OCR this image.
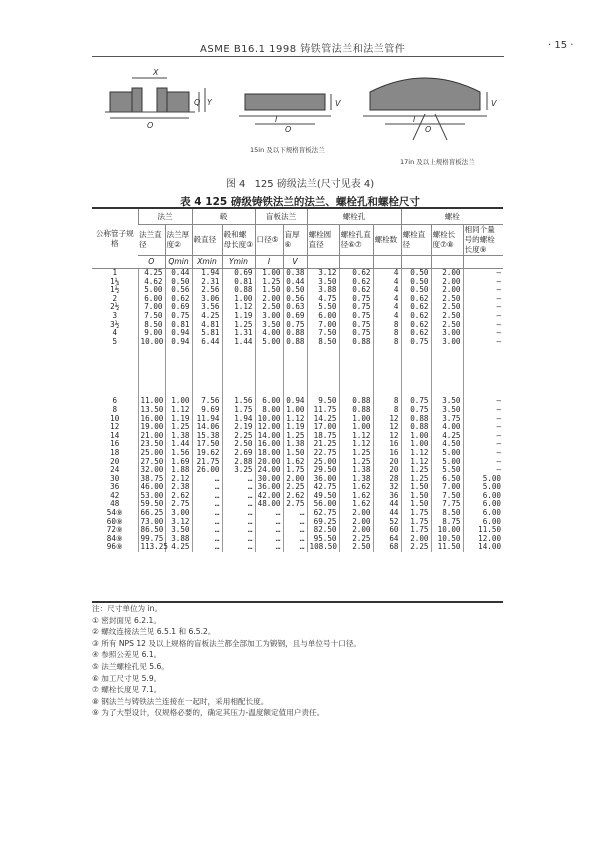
ASME B16.1 1998 铸铁管法兰和法兰管件	· 15 ·
X
Y
Q
O	O
I
V
O
I
V
15in 及以下规格盲板法兰
17in 及以上规格盲板法兰
图 4 125 磅级法兰(尺寸见表 4)
表 4 125 磅级铸铁法兰的法兰、螺栓孔和螺栓尺寸
公称管子规格	法兰		毂		盲板法兰		螺栓孔			螺栓		
	法兰直径	法兰厚度②	毂直径	毂和螺母长度③	口径⑤	盲厚⑥	螺栓圆直径	螺栓孔直径⑥⑦	螺栓数	螺栓直径	螺栓长度⑦⑧	相同个量号的螺栓长度⑨
	O	Qmin	Xmin	Ymin	I	V						
1	4.25	0.44	1.94	0.69	1.00	0.38	3.12	0.62	4	0.50	2.00	—
1¼	4.62	0.50	2.31	0.81	1.25	0.44	3.50	0.62	4	0.50	2.00	—
1½	5.00	0.56	2.56	0.88	1.50	0.50	3.88	0.62	4	0.50	2.00	—
2	6.00	0.62	3.06	1.00	2.00	0.56	4.75	0.75	4	0.62	2.50	—
2½	7.00	0.69	3.56	1.12	2.50	0.63	5.50	0.75	4	0.62	2.50	—
3	7.50	0.75	4.25	1.19	3.00	0.69	6.00	0.75	4	0.62	2.50	—
3½	8.50	0.81	4.81	1.25	3.50	0.75	7.00	0.75	8	0.62	2.50	—
4	9.00	0.94	5.81	1.31	4.00	0.88	7.50	0.75	8	0.62	3.00	—
5	10.00	0.94	6.44	1.44	5.00	0.88	8.50	0.88	8	0.75	3.00	—

6	11.00	1.00	7.56	1.56	6.00	0.94	9.50	0.88	8	0.75	3.50	—
8	13.50	1.12	9.69	1.75	8.00	1.00	11.75	0.88	8	0.75	3.50	—
10	16.00	1.19	11.94	1.94	10.00	1.12	14.25	1.00	12	0.88	3.75	—
12	19.00	1.25	14.06	2.19	12.00	1.19	17.00	1.00	12	0.88	4.00	—
14	21.00	1.38	15.38	2.25	14.00	1.25	18.75	1.12	12	1.00	4.25	—
16	23.50	1.44	17.50	2.50	16.00	1.38	21.25	1.12	16	1.00	4.50	—
18	25.00	1.56	19.62	2.69	18.00	1.50	22.75	1.25	16	1.12	5.00	—
20	27.50	1.69	21.75	2.88	20.00	1.62	25.00	1.25	20	1.12	5.00	—
24	32.00	1.88	26.00	3.25	24.00	1.75	29.50	1.38	20	1.25	5.50	—
30	38.75	2.12	…	…	30.00	2.00	36.00	1.38	28	1.25	6.50	5.00
36	46.00	2.38	…	…	36.00	2.25	42.75	1.62	32	1.50	7.00	5.00
42	53.00	2.62	…	…	42.00	2.62	49.50	1.62	36	1.50	7.50	6.00
48	59.50	2.75	…	…	48.00	2.75	56.00	1.62	44	1.50	7.75	6.00
54⑨	66.25	3.00	…	…	…	…	62.75	2.00	44	1.75	8.50	6.00
60⑨	73.00	3.12	…	…	…	…	69.25	2.00	52	1.75	8.75	6.00
72⑨	86.50	3.50	…	…	…	…	82.50	2.00	60	1.75	10.00	11.50
84⑨	99.75	3.88	…	…	…	…	95.50	2.25	64	2.00	10.50	12.00
96⑨	113.25	4.25	…	…	…	…	108.50	2.50	68	2.25	11.50	14.00
注：尺寸单位为 in。
① 密封面见 6.2.1。
② 螺纹连接法兰见 6.5.1 和 6.5.2。
③ 所有 NPS 12 及以上规格的盲板法兰都全部加工为锻钢，且与单位号十口径。
④ 参照公差见 6.1。
⑤ 法兰螺栓孔见 5.6。
⑥ 加工尺寸见 5.9。
⑦ 螺栓长度见 7.1。
⑧ 钢法兰与铸铁法兰连接在一起时，采用相配长度。
⑨ 为了大型设计，仅规格必要的，确定其压力-温度额定值用户责任。
